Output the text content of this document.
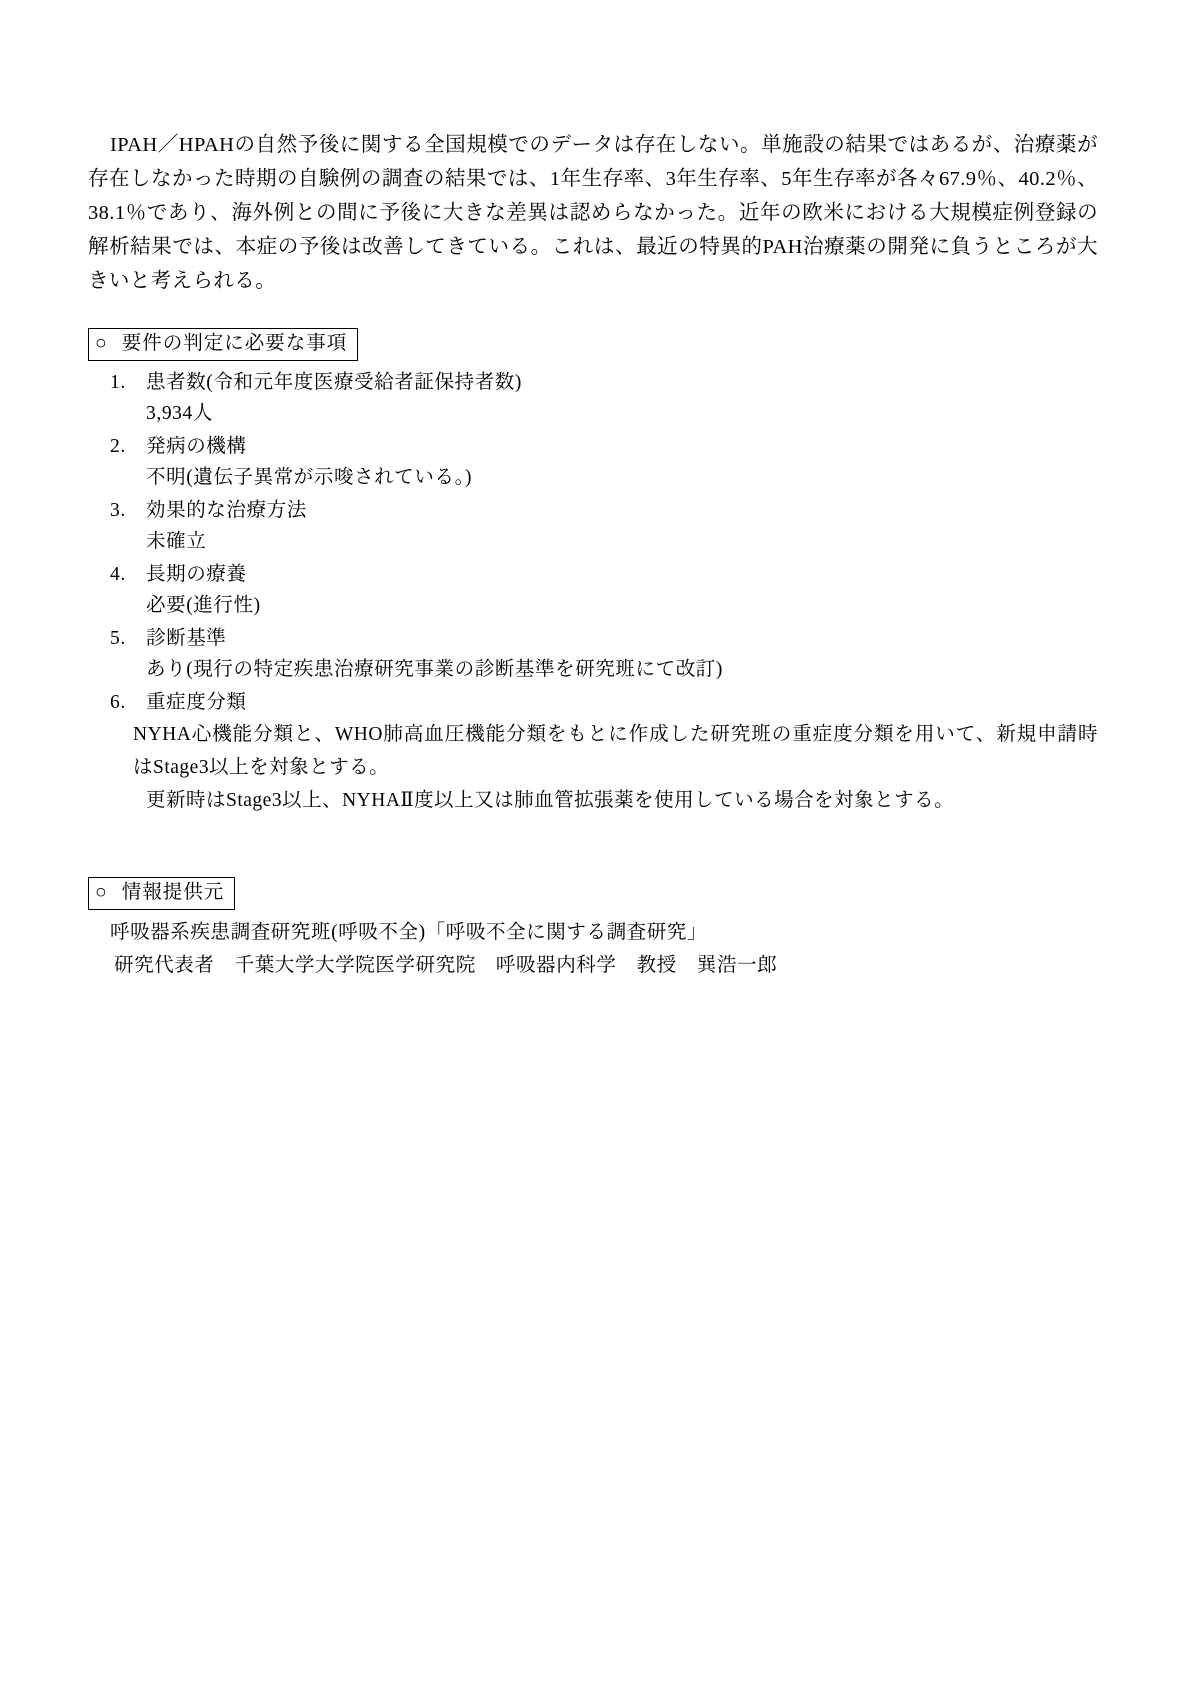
IPAH／HPAHの自然予後に関する全国規模でのデータは存在しない。単施設の結果ではあるが、治療薬が存在しなかった時期の自験例の調査の結果では、1年生存率、3年生存率、5年生存率が各々67.9％、40.2％、38.1％であり、海外例との間に予後に大きな差異は認めらなかった。近年の欧米における大規模症例登録の解析結果では、本症の予後は改善してきている。これは、最近の特異的PAH治療薬の開発に負うところが大きいと考えられる。

○ 要件の判定に必要な事項
1. 患者数(令和元年度医療受給者証保持者数)
3,934人
2. 発病の機構
不明(遺伝子異常が示唆されている。)
3. 効果的な治療方法
未確立
4. 長期の療養
必要(進行性)
5. 診断基準
あり(現行の特定疾患治療研究事業の診断基準を研究班にて改訂)
6. 重症度分類
NYHA心機能分類と、WHO肺高血圧機能分類をもとに作成した研究班の重症度分類を用いて、新規申請時はStage3以上を対象とする。
更新時はStage3以上、NYHAⅡ度以上又は肺血管拡張薬を使用している場合を対象とする。
○ 情報提供元
呼吸器系疾患調査研究班(呼吸不全)「呼吸不全に関する調査研究」
研究代表者　千葉大学大学院医学研究院　呼吸器内科学　教授　巽浩一郎
